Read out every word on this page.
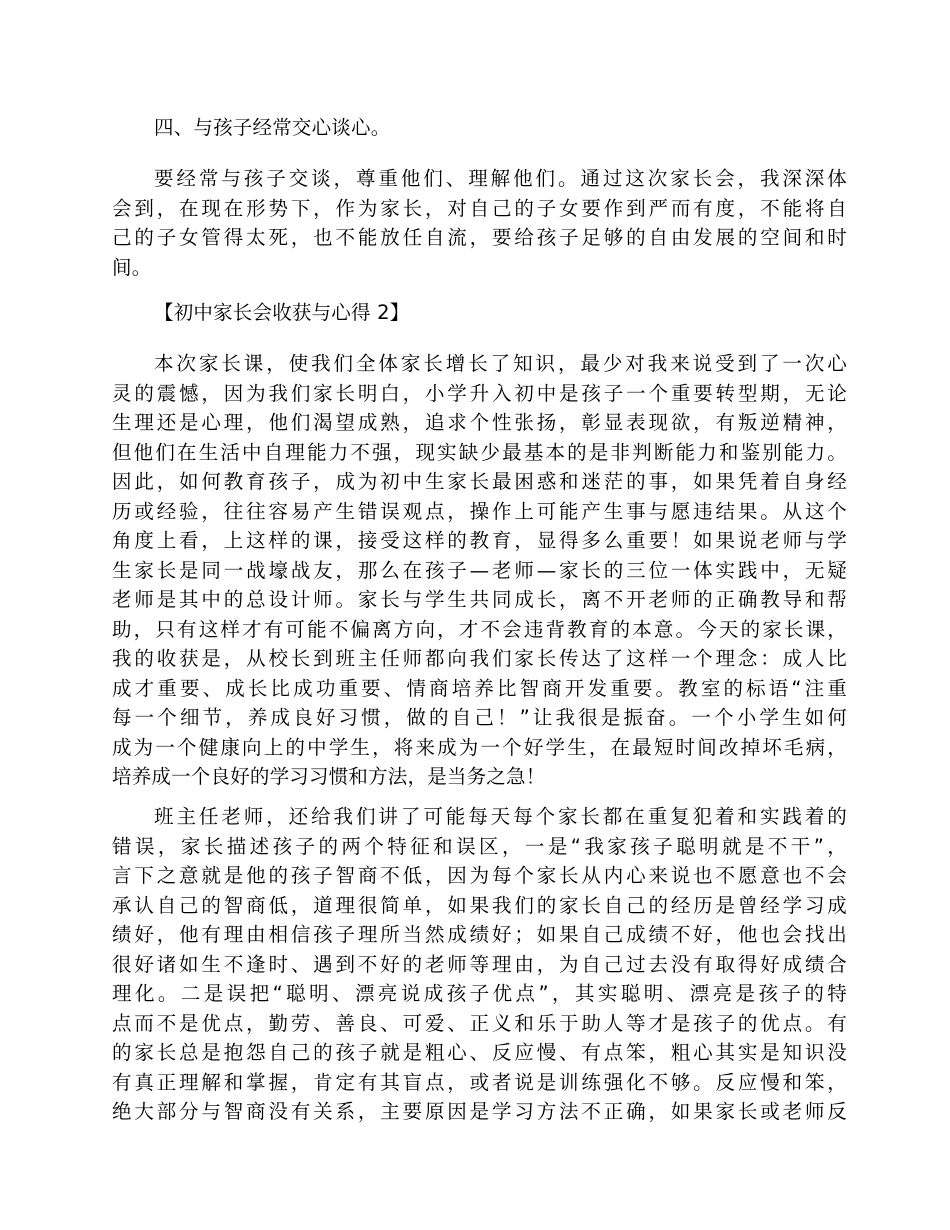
四、与孩子经常交心谈心。
要经常与孩子交谈，尊重他们、理解他们。通过这次家长会，我深深体
会到，在现在形势下，作为家长，对自己的子女要作到严而有度，不能将自
己的子女管得太死，也不能放任自流，要给孩子足够的自由发展的空间和时
间。
【初中家长会收获与心得 2】
本次家长课，使我们全体家长增长了知识，最少对我来说受到了一次心
灵的震憾，因为我们家长明白，小学升入初中是孩子一个重要转型期，无论
生理还是心理，他们渴望成熟，追求个性张扬，彰显表现欲，有叛逆精神，
但他们在生活中自理能力不强，现实缺少最基本的是非判断能力和鉴别能力。
因此，如何教育孩子，成为初中生家长最困惑和迷茫的事，如果凭着自身经
历或经验，往往容易产生错误观点，操作上可能产生事与愿违结果。从这个
角度上看，上这样的课，接受这样的教育，显得多么重要！如果说老师与学
生家长是同一战壕战友，那么在孩子—老师—家长的三位一体实践中，无疑
老师是其中的总设计师。家长与学生共同成长，离不开老师的正确教导和帮
助，只有这样才有可能不偏离方向，才不会违背教育的本意。今天的家长课，
我的收获是，从校长到班主任师都向我们家长传达了这样一个理念：成人比
成才重要、成长比成功重要、情商培养比智商开发重要。教室的标语“注重
每一个细节，养成良好习惯，做的自己！”让我很是振奋。一个小学生如何
成为一个健康向上的中学生，将来成为一个好学生，在最短时间改掉坏毛病，
培养成一个良好的学习习惯和方法，是当务之急！
班主任老师，还给我们讲了可能每天每个家长都在重复犯着和实践着的
错误，家长描述孩子的两个特征和误区，一是“我家孩子聪明就是不干”，
言下之意就是他的孩子智商不低，因为每个家长从内心来说也不愿意也不会
承认自己的智商低，道理很简单，如果我们的家长自己的经历是曾经学习成
绩好，他有理由相信孩子理所当然成绩好；如果自己成绩不好，他也会找出
很好诸如生不逢时、遇到不好的老师等理由，为自己过去没有取得好成绩合
理化。二是误把“聪明、漂亮说成孩子优点”，其实聪明、漂亮是孩子的特
点而不是优点，勤劳、善良、可爱、正义和乐于助人等才是孩子的优点。有
的家长总是抱怨自己的孩子就是粗心、反应慢、有点笨，粗心其实是知识没
有真正理解和掌握，肯定有其盲点，或者说是训练强化不够。反应慢和笨，
绝大部分与智商没有关系，主要原因是学习方法不正确，如果家长或老师反
